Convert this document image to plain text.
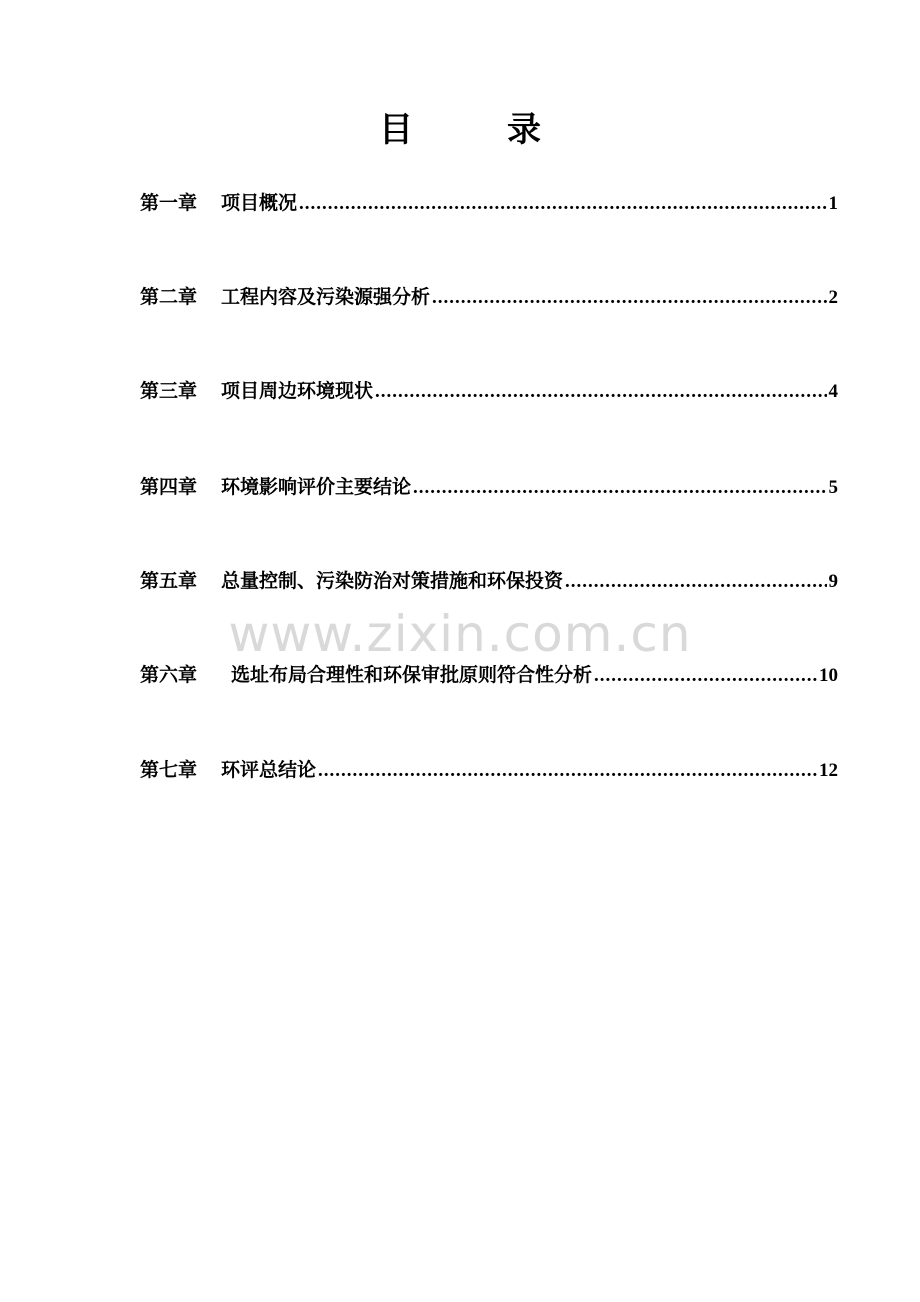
目　录
www.zixin.com.cn
第一章 项目概况 .....	1
第二章 工程内容及污染源强分析 .....	2
第三章 项目周边环境现状 .....	4
第四章 环境影响评价主要结论 .....	5
第五章 总量控制、污染防治对策措施和环保投资 .....	9
第六章 选址布局合理性和环保审批原则符合性分析 .....	10
第七章 环评总结论 .....	12
